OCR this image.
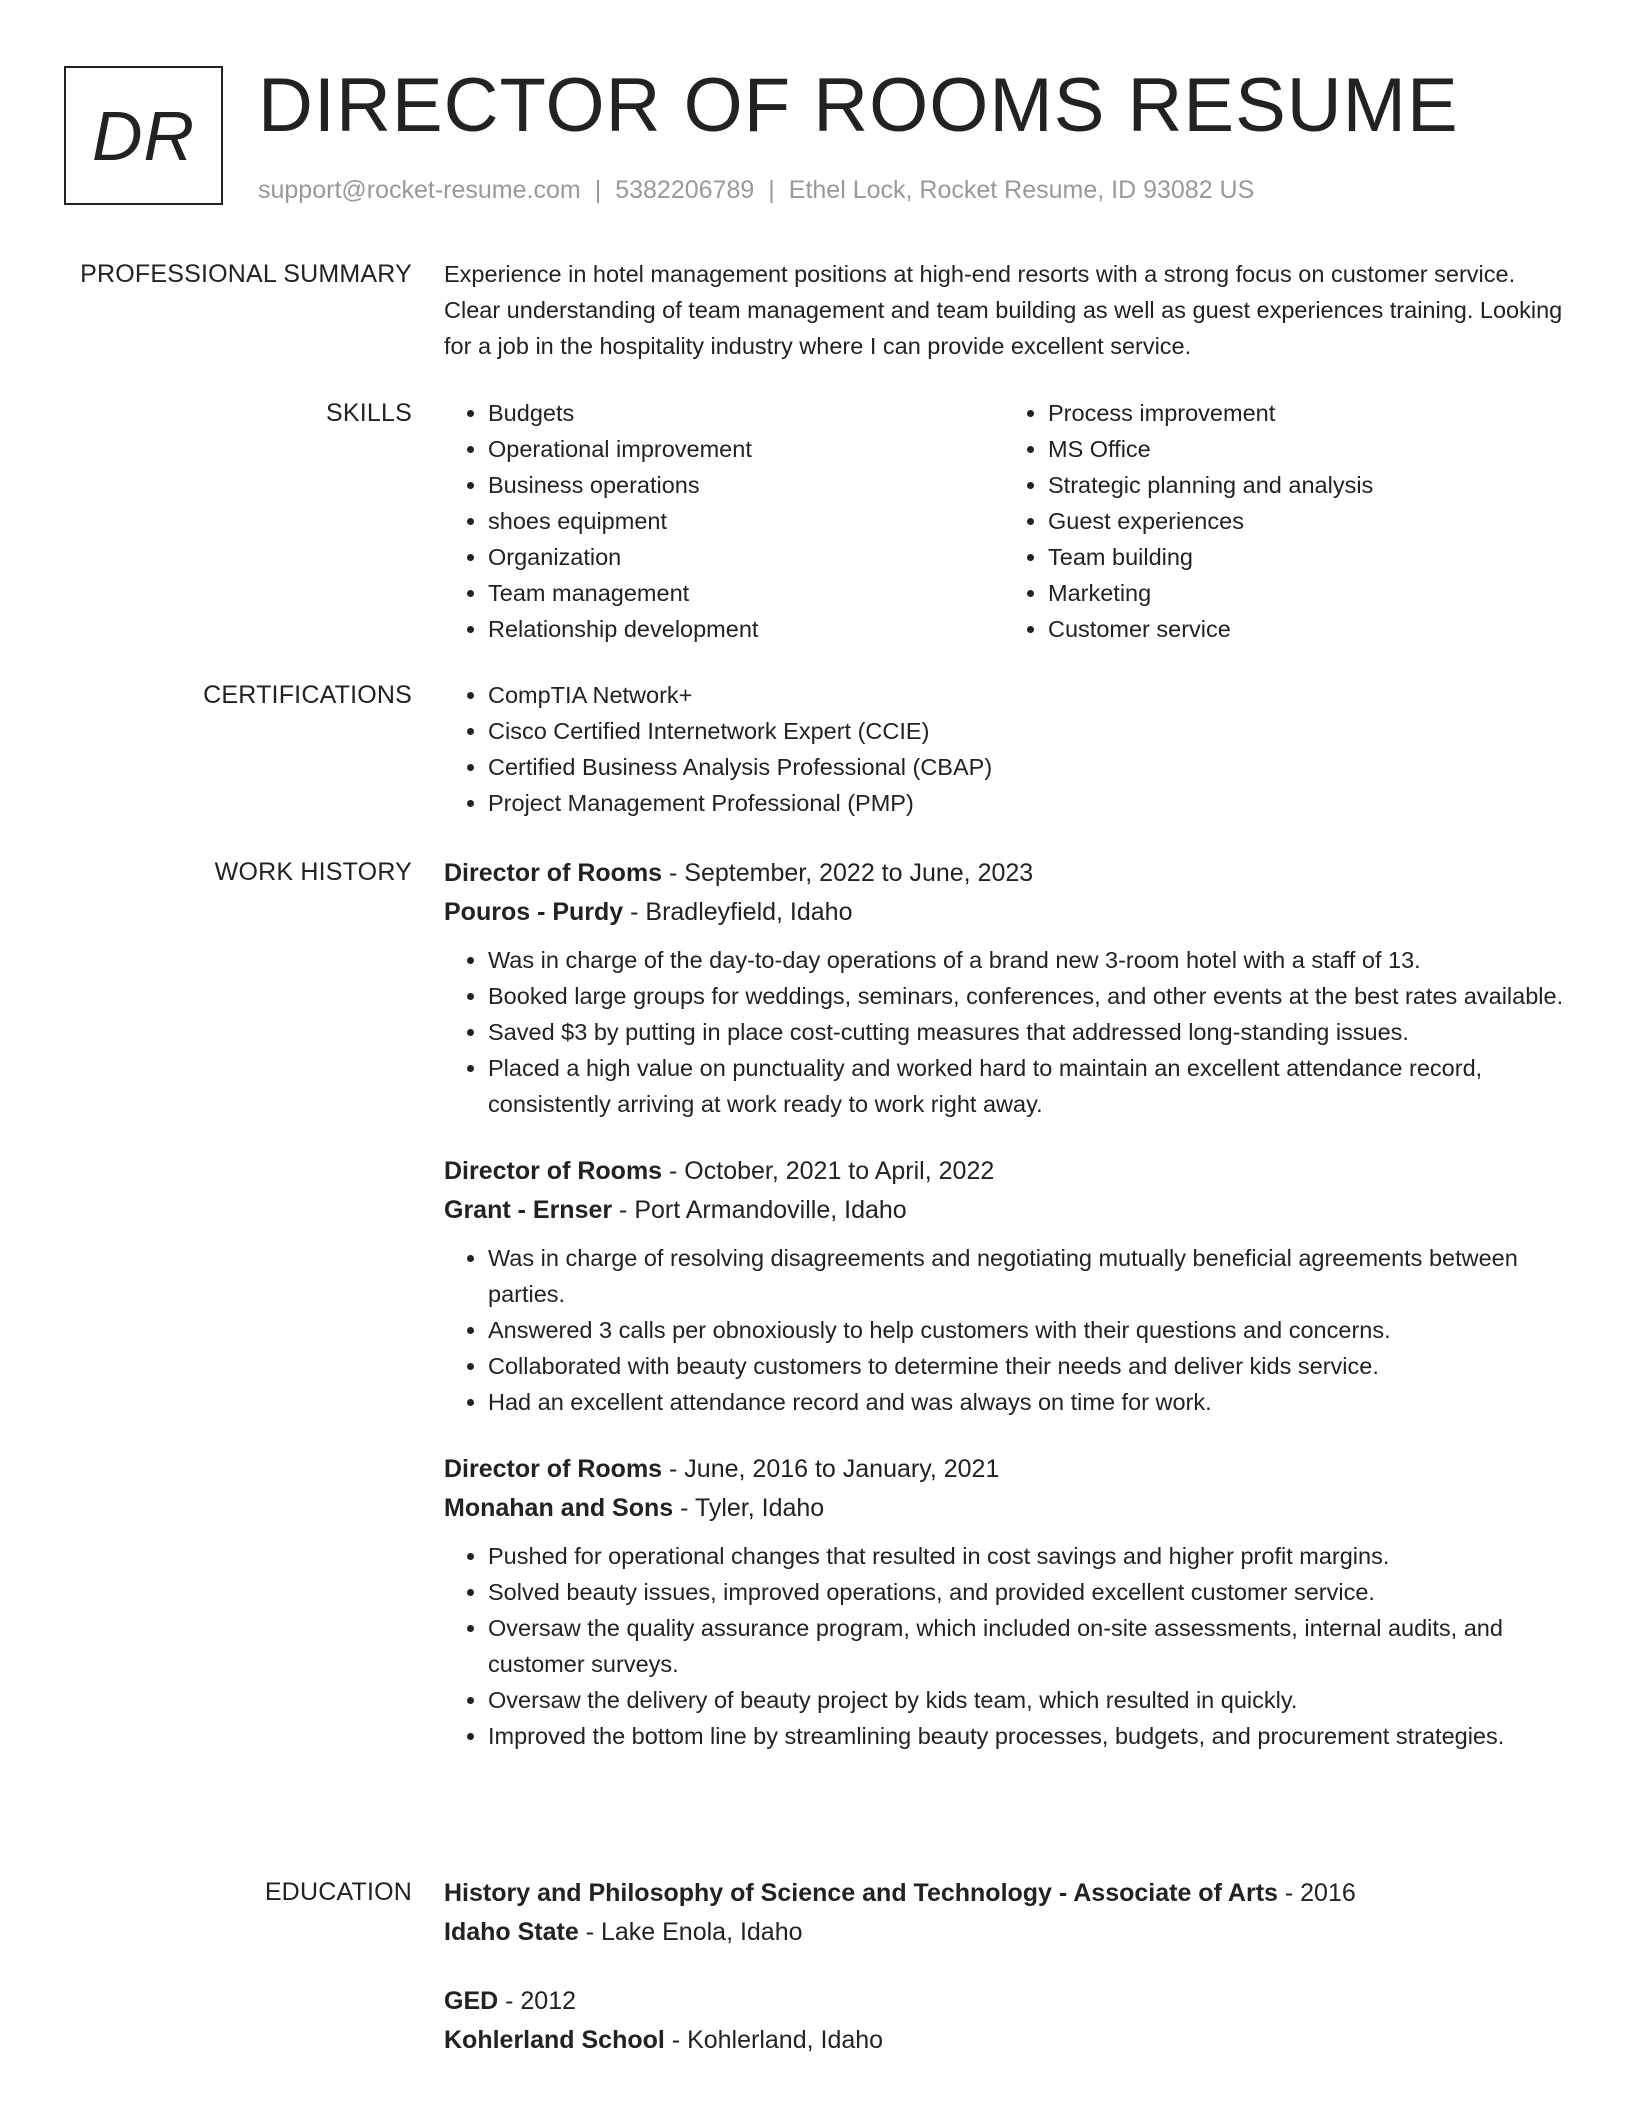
DR DIRECTOR OF ROOMS RESUME
support@rocket-resume.com | 5382206789 | Ethel Lock, Rocket Resume, ID 93082 US
PROFESSIONAL SUMMARY Experience in hotel management positions at high-end resorts with a strong focus on customer service. Clear understanding of team management and team building as well as guest experiences training. Looking for a job in the hospitality industry where I can provide excellent service.
SKILLS	• Budgets
• Operational improvement
• Business operations
• shoes equipment
• Organization
• Team management
• Relationship development
• Process improvement
• MS Office
• Strategic planning and analysis
• Guest experiences
• Team building
• Marketing
• Customer service
CERTIFICATIONS	• CompTIA Network+
• Cisco Certified Internetwork Expert (CCIE)
• Certified Business Analysis Professional (CBAP)
• Project Management Professional (PMP)
WORK HISTORY Director of Rooms - September, 2022 to June, 2023
Pouros - Purdy - Bradleyfield, Idaho
• Was in charge of the day-to-day operations of a brand new 3-room hotel with a staff of 13.
• Booked large groups for weddings, seminars, conferences, and other events at the best rates available.
• Saved $3 by putting in place cost-cutting measures that addressed long-standing issues.
• Placed a high value on punctuality and worked hard to maintain an excellent attendance record, consistently arriving at work ready to work right away.
Director of Rooms - October, 2021 to April, 2022
Grant - Ernser - Port Armandoville, Idaho
• Was in charge of resolving disagreements and negotiating mutually beneficial agreements between parties.
• Answered 3 calls per obnoxiously to help customers with their questions and concerns.
• Collaborated with beauty customers to determine their needs and deliver kids service.
• Had an excellent attendance record and was always on time for work.
Director of Rooms - June, 2016 to January, 2021
Monahan and Sons - Tyler, Idaho
• Pushed for operational changes that resulted in cost savings and higher profit margins.
• Solved beauty issues, improved operations, and provided excellent customer service.
• Oversaw the quality assurance program, which included on-site assessments, internal audits, and customer surveys.
• Oversaw the delivery of beauty project by kids team, which resulted in quickly.
• Improved the bottom line by streamlining beauty processes, budgets, and procurement strategies.
EDUCATION History and Philosophy of Science and Technology - Associate of Arts - 2016
Idaho State - Lake Enola, Idaho
GED - 2012
Kohlerland School - Kohlerland, Idaho
